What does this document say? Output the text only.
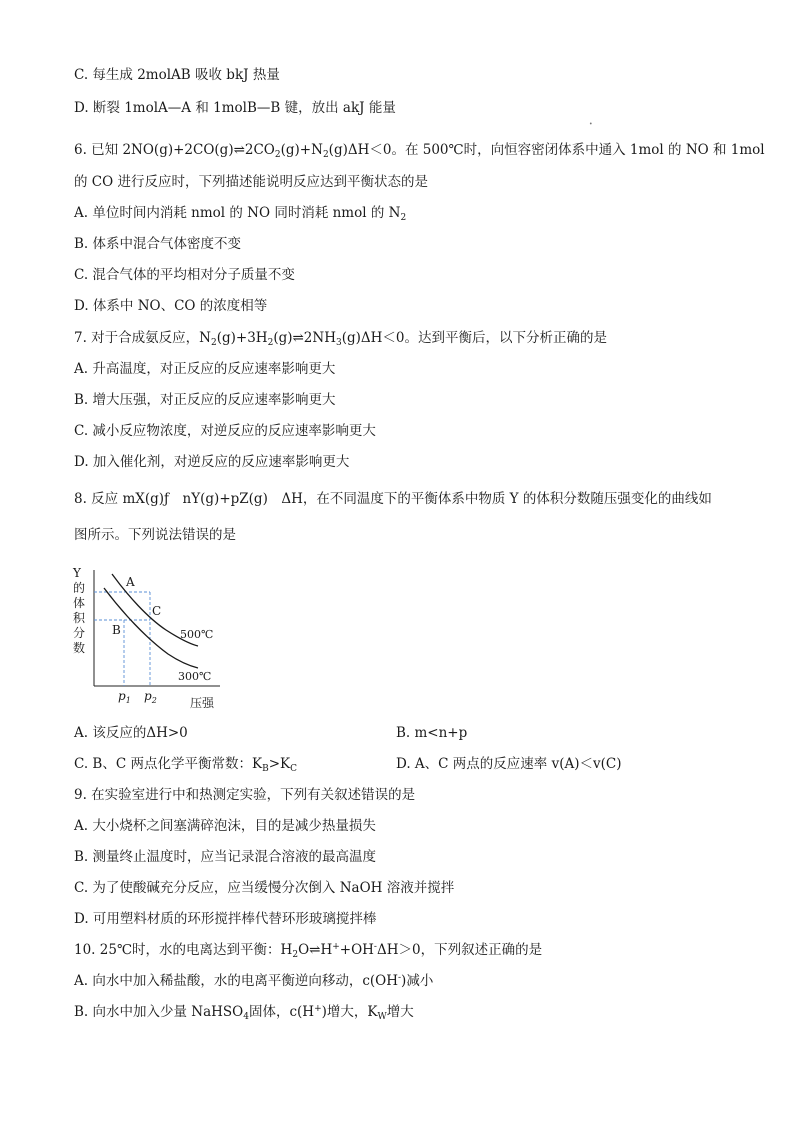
C. 每生成 2molAB 吸收 bkJ 热量
D. 断裂 1molA—A 和 1molB—B 键，放出 akJ 能量
•
6. 已知 $2NO(g)+2CO(g)\rightleftharpoons 2CO_2(g)+N_2(g)\Delta H<0$。在 500℃时，向恒容密闭体系中通入 1mol 的 NO 和 1mol
的 CO 进行反应时，下列描述能说明反应达到平衡状态的是
A. 单位时间内消耗 nmol 的 NO 同时消耗 nmol 的 $N_2$
B. 体系中混合气体密度不变
C. 混合气体的平均相对分子质量不变
D. 体系中 NO、CO 的浓度相等
7. 对于合成氨反应，$N_2(g)+3H_2(g)\rightleftharpoons 2NH_3(g)\Delta H<0$。达到平衡后，以下分析正确的是
A. 升高温度，对正反应的反应速率影响更大
B. 增大压强，对正反应的反应速率影响更大
C. 减小反应物浓度，对逆反应的反应速率影响更大
D. 加入催化剂，对逆反应的反应速率影响更大
8. 反应 mX(g)ƒ　nY(g)+pZ(g)　ΔH，在不同温度下的平衡体系中物质 Y 的体积分数随压强变化的曲线如
图所示。下列说法错误的是
Y
的
体
积
分
数
A
B
C
500℃
300℃
$p_1$ $p_2$	压强
A. 该反应的ΔH>0	B. m<n+p
C. B、C 两点化学平衡常数：$K_B>K_C$	D. A、C 两点的反应速率 v(A)＜v(C)
9. 在实验室进行中和热测定实验，下列有关叙述错误的是
A. 大小烧杯之间塞满碎泡沫，目的是减少热量损失
B. 测量终止温度时，应当记录混合溶液的最高温度
C. 为了使酸碱充分反应，应当缓慢分次倒入 NaOH 溶液并搅拌
D. 可用塑料材质的环形搅拌棒代替环形玻璃搅拌棒
10. 25℃时，水的电离达到平衡：$H_2O\rightleftharpoons H^++OH^-\Delta H>0$，下列叙述正确的是
A. 向水中加入稀盐酸，水的电离平衡逆向移动，c(OH-)减小
B. 向水中加入少量 NaHSO$_4$固体，c(H+)增大，$K_W$增大
